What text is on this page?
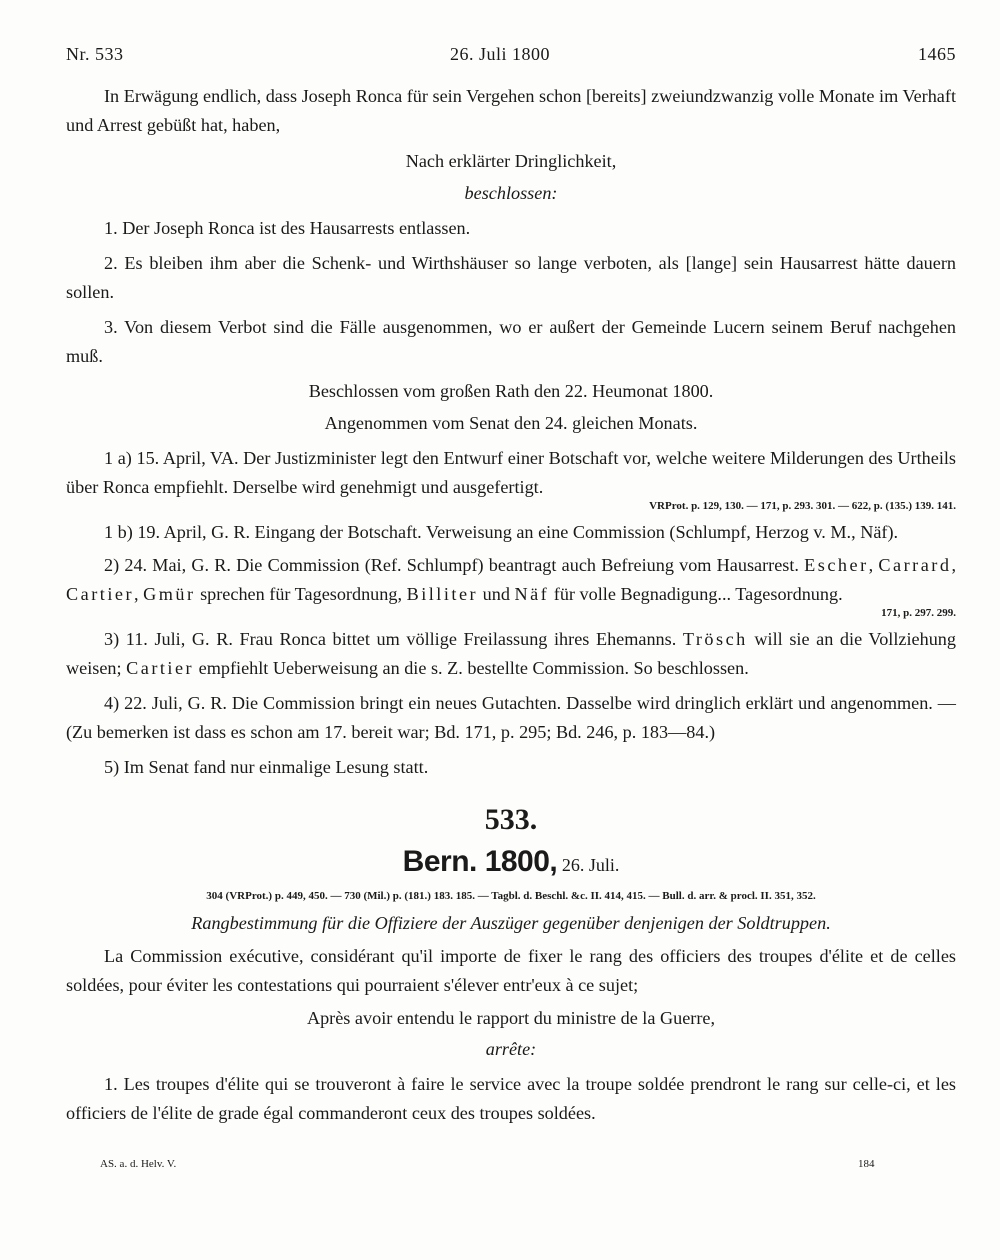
Nr. 533	26. Juli 1800	1465

In Erwägung endlich, dass Joseph Ronca für sein Vergehen schon [bereits] zweiundzwanzig volle Monate im Verhaft und Arrest gebüßt hat, haben,

Nach erklärter Dringlichkeit,

beschlossen:

1. Der Joseph Ronca ist des Hausarrests entlassen.

2. Es bleiben ihm aber die Schenk- und Wirthshäuser so lange verboten, als [lange] sein Hausarrest hätte dauern sollen.

3. Von diesem Verbot sind die Fälle ausgenommen, wo er außert der Gemeinde Lucern seinem Beruf nachgehen muß.

Beschlossen vom großen Rath den 22. Heumonat 1800.

Angenommen vom Senat den 24. gleichen Monats.

1 a) 15. April, VA. Der Justizminister legt den Entwurf einer Botschaft vor, welche weitere Milderungen des Urtheils über Ronca empfiehlt. Derselbe wird genehmigt und ausgefertigt.

VRProt. p. 129, 130. — 171, p. 293. 301. — 622, p. (135.) 139. 141.

1 b) 19. April, G. R. Eingang der Botschaft. Verweisung an eine Commission (Schlumpf, Herzog v. M., Näf).

2) 24. Mai, G. R. Die Commission (Ref. Schlumpf) beantragt auch Befreiung vom Hausarrest. Escher, Carrard, Cartier, Gmür sprechen für Tagesordnung, Billiter und Näf für volle Begnadigung... Tagesordnung.

171, p. 297. 299.

3) 11. Juli, G. R. Frau Ronca bittet um völlige Freilassung ihres Ehemanns. Trösch will sie an die Vollziehung weisen; Cartier empfiehlt Ueberweisung an die s. Z. bestellte Commission. So beschlossen.

4) 22. Juli, G. R. Die Commission bringt ein neues Gutachten. Dasselbe wird dringlich erklärt und angenommen. — (Zu bemerken ist dass es schon am 17. bereit war; Bd. 171, p. 295; Bd. 246, p. 183—84.)

5) Im Senat fand nur einmalige Lesung statt.

533.

Bern. 1800, 26. Juli.

304 (VRProt.) p. 449, 450. — 730 (Mil.) p. (181.) 183. 185. — Tagbl. d. Beschl. &c. II. 414, 415. — Bull. d. arr. & procl. II. 351, 352.

Rangbestimmung für die Offiziere der Auszüger gegenüber denjenigen der Soldtruppen.

La Commission exécutive, considérant qu'il importe de fixer le rang des officiers des troupes d'élite et de celles soldées, pour éviter les contestations qui pourraient s'élever entr'eux à ce sujet;

Après avoir entendu le rapport du ministre de la Guerre,

arrête:

1. Les troupes d'élite qui se trouveront à faire le service avec la troupe soldée prendront le rang sur celle-ci, et les officiers de l'élite de grade égal commanderont ceux des troupes soldées.

AS. a. d. Helv. V.	184
